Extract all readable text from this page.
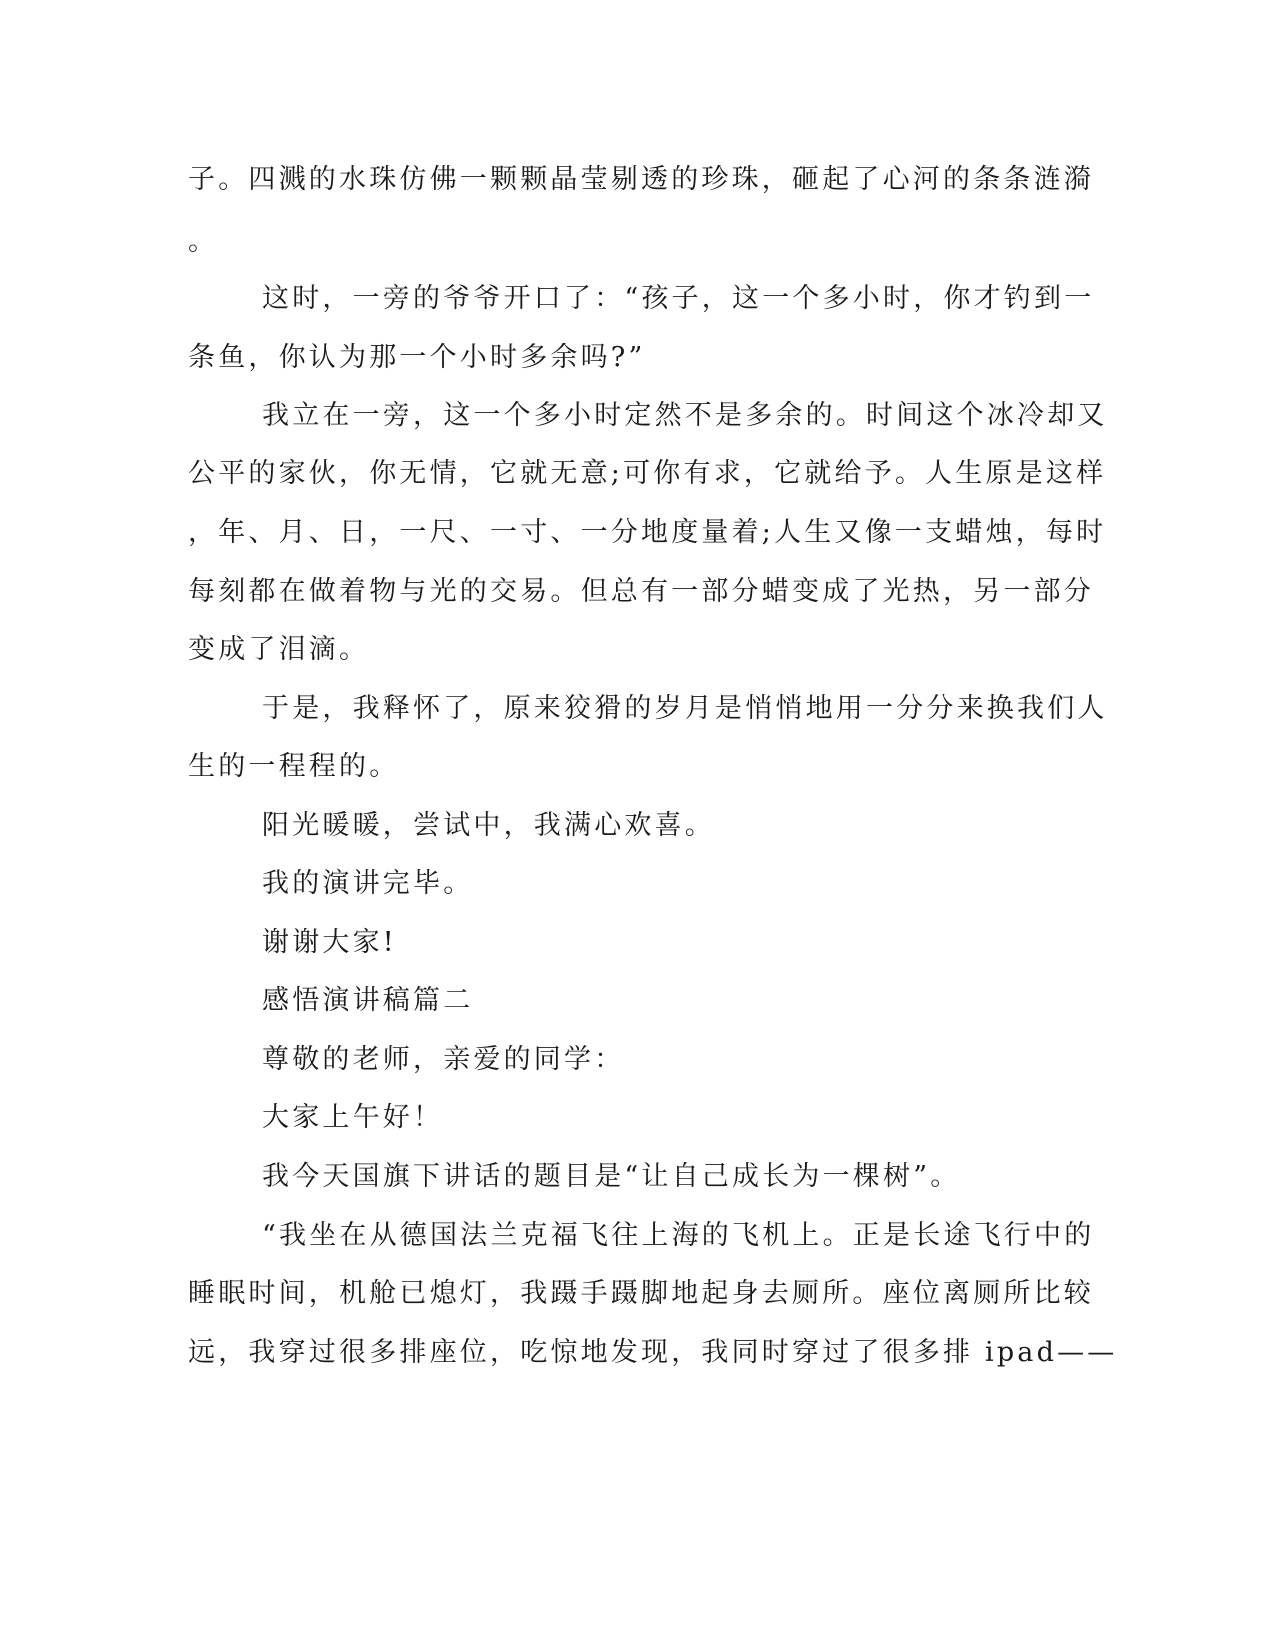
子。四溅的水珠仿佛一颗颗晶莹剔透的珍珠，砸起了心河的条条涟漪
。
这时，一旁的爷爷开口了：“孩子，这一个多小时，你才钓到一
条鱼，你认为那一个小时多余吗?”
我立在一旁，这一个多小时定然不是多余的。时间这个冰冷却又
公平的家伙，你无情，它就无意;可你有求，它就给予。人生原是这样
，年、月、日，一尺、一寸、一分地度量着;人生又像一支蜡烛，每时
每刻都在做着物与光的交易。但总有一部分蜡变成了光热，另一部分
变成了泪滴。
于是，我释怀了，原来狡猾的岁月是悄悄地用一分分来换我们人
生的一程程的。
阳光暖暖，尝试中，我满心欢喜。
我的演讲完毕。
谢谢大家!
感悟演讲稿篇二
尊敬的老师，亲爱的同学：
大家上午好！
我今天国旗下讲话的题目是“让自己成长为一棵树”。
“我坐在从德国法兰克福飞往上海的飞机上。正是长途飞行中的
睡眠时间，机舱已熄灯，我蹑手蹑脚地起身去厕所。座位离厕所比较
远，我穿过很多排座位，吃惊地发现，我同时穿过了很多排 ipad——
